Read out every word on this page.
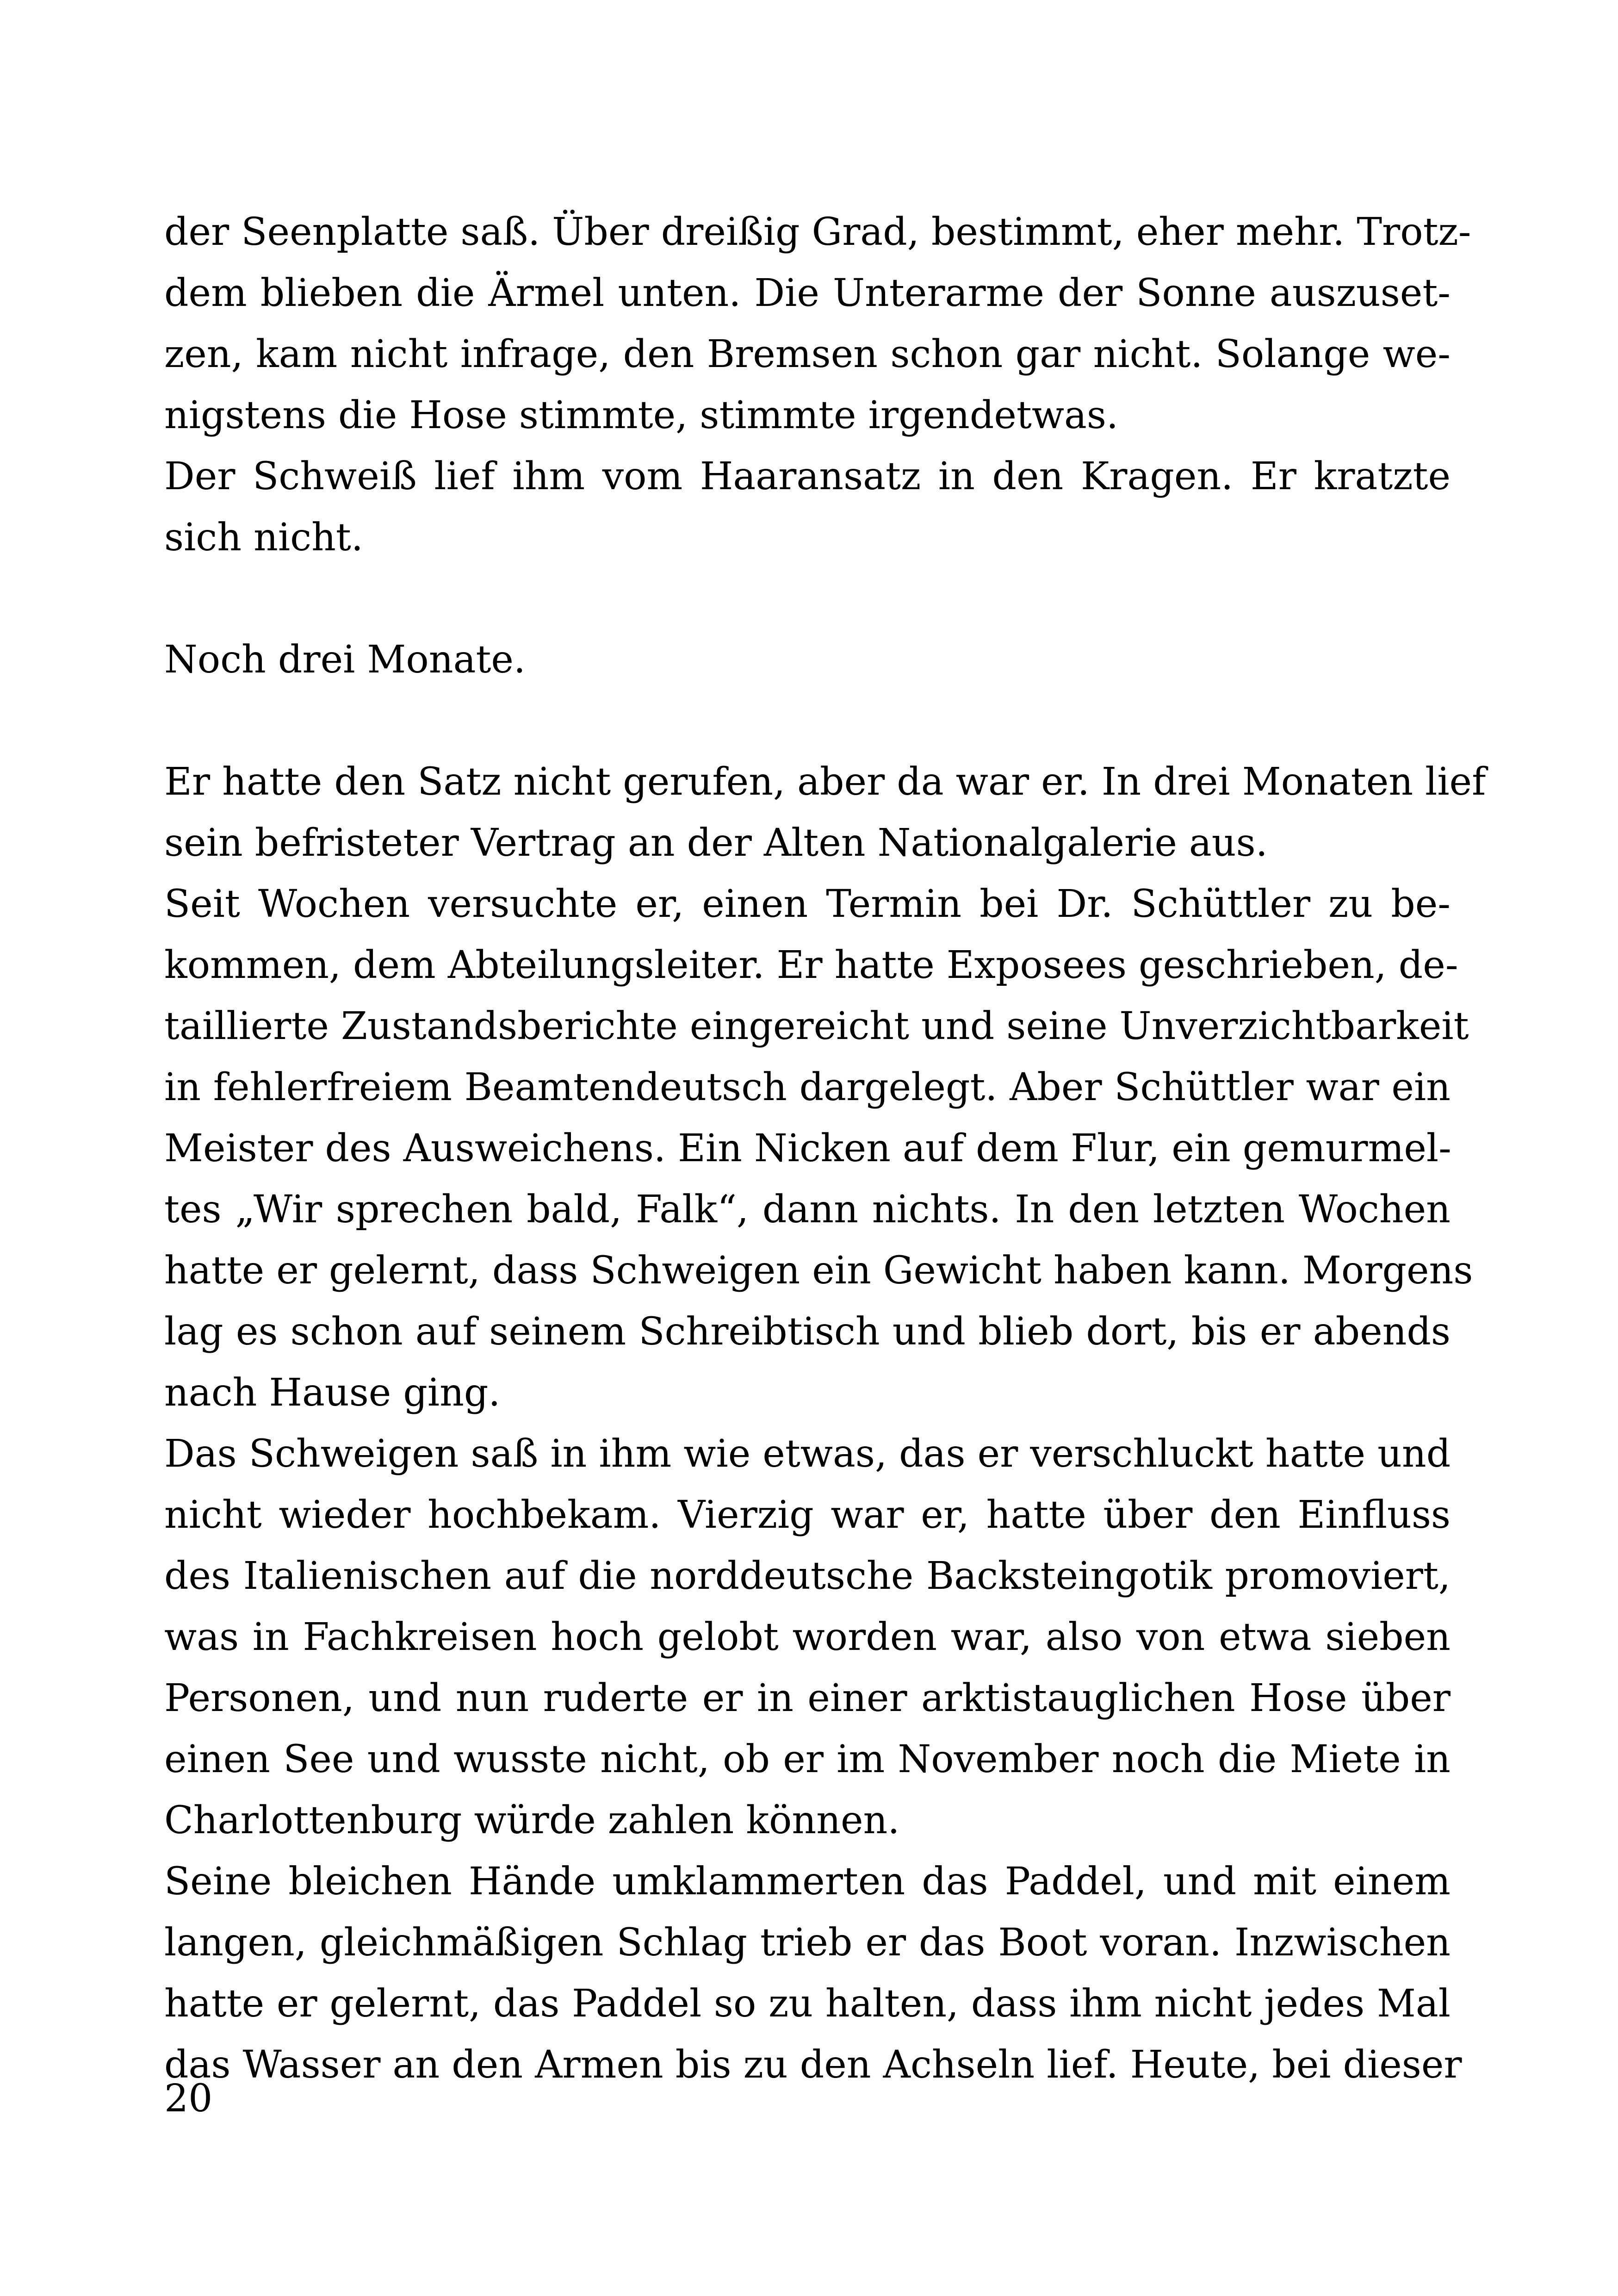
der Seenplatte saß. Über dreißig Grad, bestimmt, eher mehr. Trotz-
dem blieben die Ärmel unten. Die Unterarme der Sonne auszuset-
zen, kam nicht infrage, den Bremsen schon gar nicht. Solange we-
nigstens die Hose stimmte, stimmte irgendetwas.
Der Schweiß lief ihm vom Haaransatz in den Kragen. Er kratzte
sich nicht.
Noch drei Monate.
Er hatte den Satz nicht gerufen, aber da war er. In drei Monaten lief
sein befristeter Vertrag an der Alten Nationalgalerie aus.
Seit Wochen versuchte er, einen Termin bei Dr. Schüttler zu be-
kommen, dem Abteilungsleiter. Er hatte Exposees geschrieben, de-
taillierte Zustandsberichte eingereicht und seine Unverzichtbarkeit
in fehlerfreiem Beamtendeutsch dargelegt. Aber Schüttler war ein
Meister des Ausweichens. Ein Nicken auf dem Flur, ein gemurmel-
tes „Wir sprechen bald, Falk“, dann nichts. In den letzten Wochen
hatte er gelernt, dass Schweigen ein Gewicht haben kann. Morgens
lag es schon auf seinem Schreibtisch und blieb dort, bis er abends
nach Hause ging.
Das Schweigen saß in ihm wie etwas, das er verschluckt hatte und
nicht wieder hochbekam. Vierzig war er, hatte über den Einfluss
des Italienischen auf die norddeutsche Backsteingotik promoviert,
was in Fachkreisen hoch gelobt worden war, also von etwa sieben
Personen, und nun ruderte er in einer arktistauglichen Hose über
einen See und wusste nicht, ob er im November noch die Miete in
Charlottenburg würde zahlen können.
Seine bleichen Hände umklammerten das Paddel, und mit einem
langen, gleichmäßigen Schlag trieb er das Boot voran. Inzwischen
hatte er gelernt, das Paddel so zu halten, dass ihm nicht jedes Mal
das Wasser an den Armen bis zu den Achseln lief. Heute, bei dieser
20
